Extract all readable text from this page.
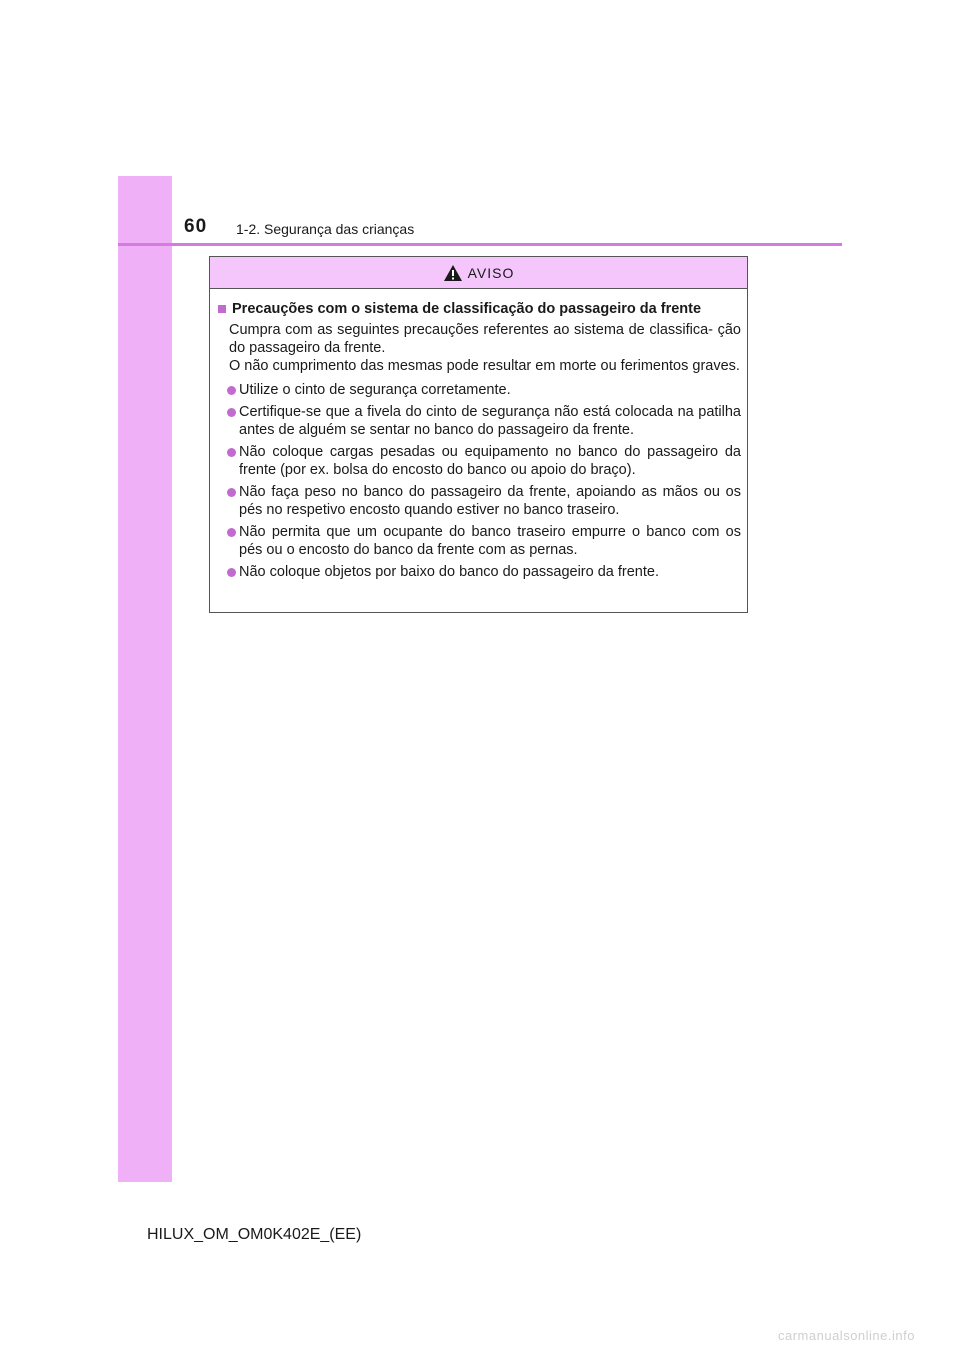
60 1-2. Segurança das crianças
AVISO
Precauções com o sistema de classificação do passageiro da frente

Cumpra com as seguintes precauções referentes ao sistema de classifica- ção do passageiro da frente.

O não cumprimento das mesmas pode resultar em morte ou ferimentos graves.

Utilize o cinto de segurança corretamente.
Certifique-se que a fivela do cinto de segurança não está colocada na patilha antes de alguém se sentar no banco do passageiro da frente.
Não coloque cargas pesadas ou equipamento no banco do passageiro da frente (por ex. bolsa do encosto do banco ou apoio do braço).
Não faça peso no banco do passageiro da frente, apoiando as mãos ou os pés no respetivo encosto quando estiver no banco traseiro.
Não permita que um ocupante do banco traseiro empurre o banco com os pés ou o encosto do banco da frente com as pernas.
Não coloque objetos por baixo do banco do passageiro da frente.
HILUX_OM_OM0K402E_(EE)
carmanualsonline.info
